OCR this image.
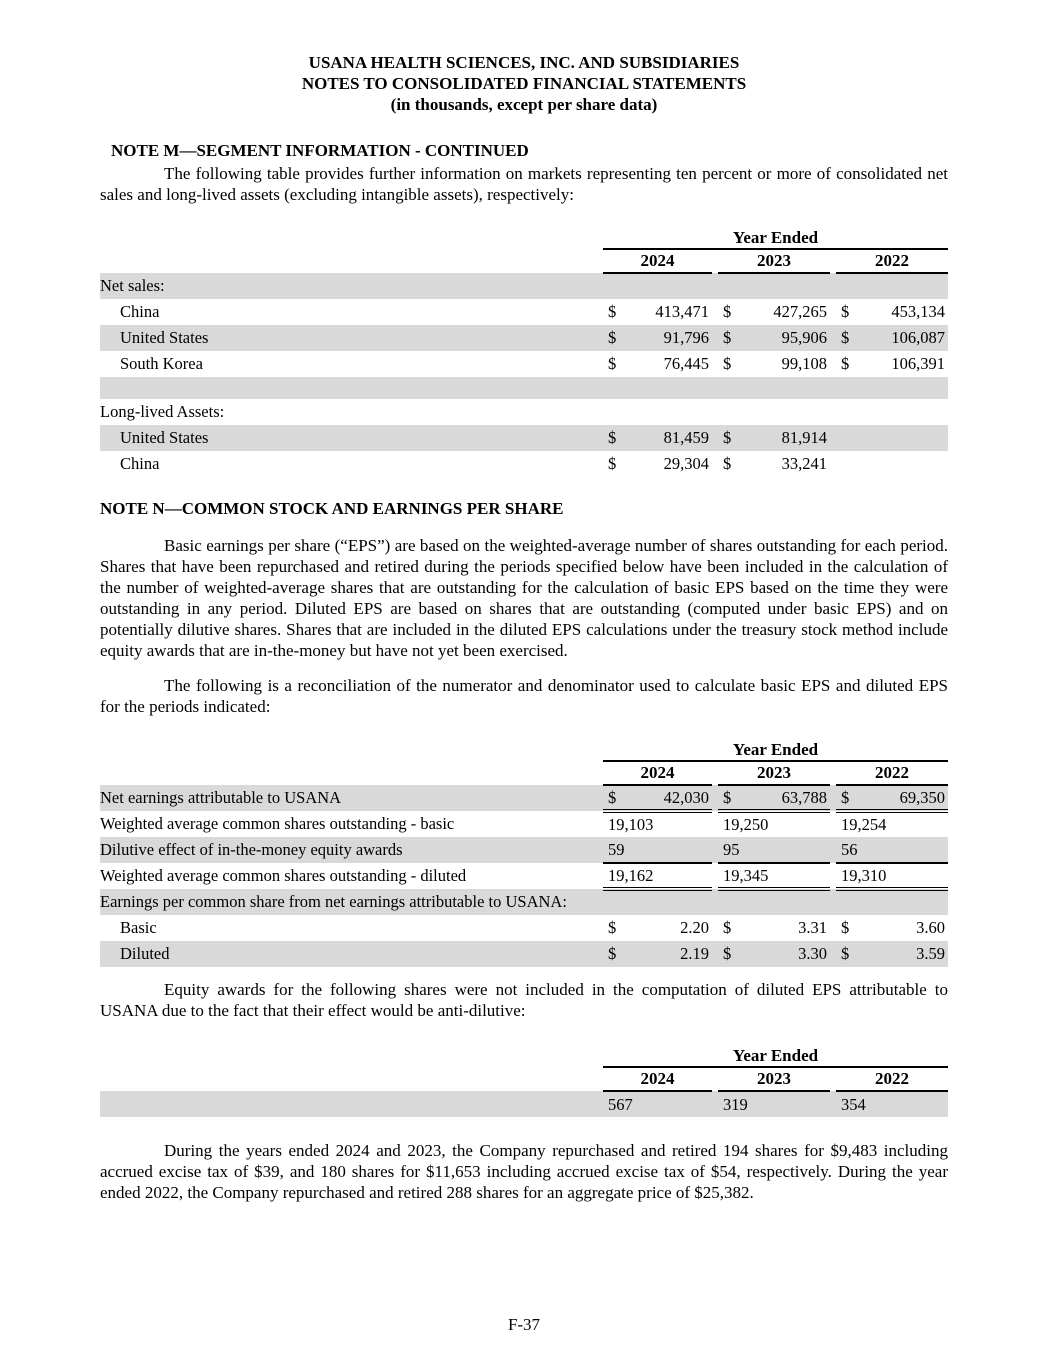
USANA HEALTH SCIENCES, INC. AND SUBSIDIARIES
NOTES TO CONSOLIDATED FINANCIAL STATEMENTS
(in thousands, except per share data)
NOTE M—SEGMENT INFORMATION - CONTINUED

The following table provides further information on markets representing ten percent or more of consolidated net sales and long-lived assets (excluding intangible assets), respectively:

	Year Ended				
	2024		2023		2022
Net sales:					
China	$ 413,471		$ 427,265		$ 453,134

United States	$ 91,796		$ 95,906		$ 106,087

South Korea	$ 76,445		$ 99,108		$ 106,391

Long-lived Assets:					
United States	$ 81,459		$ 81,914		

China	$ 29,304		$ 33,241		

NOTE N—COMMON STOCK AND EARNINGS PER SHARE

Basic earnings per share (“EPS”) are based on the weighted-average number of shares outstanding for each period. Shares that have been repurchased and retired during the periods specified below have been included in the calculation of the number of weighted-average shares that are outstanding for the calculation of basic EPS based on the time they were outstanding in any period. Diluted EPS are based on shares that are outstanding (computed under basic EPS) and on potentially dilutive shares. Shares that are included in the diluted EPS calculations under the treasury stock method include equity awards that are in-the-money but have not yet been exercised.

The following is a reconciliation of the numerator and denominator used to calculate basic EPS and diluted EPS for the periods indicated:

	Year Ended				
	2024		2023		2022
Net earnings attributable to USANA	$ 42,030		$ 63,788		$ 69,350

Weighted average common shares outstanding - basic	19,103		19,250		19,254

Dilutive effect of in-the-money equity awards	59		95		56

Weighted average common shares outstanding - diluted	19,162		19,345		19,310

Earnings per common share from net earnings attributable to USANA:					
Basic	$ 2.20		$ 3.31		$ 3.60

Diluted	$ 2.19		$ 3.30		$ 3.59

Equity awards for the following shares were not included in the computation of diluted EPS attributable to USANA due to the fact that their effect would be anti-dilutive:

	Year Ended				
	2024		2023		2022

	567		319		354

During the years ended 2024 and 2023, the Company repurchased and retired 194 shares for $9,483 including accrued excise tax of $39, and 180 shares for $11,653 including accrued excise tax of $54, respectively. During the year ended 2022, the Company repurchased and retired 288 shares for an aggregate price of $25,382.

F-37
